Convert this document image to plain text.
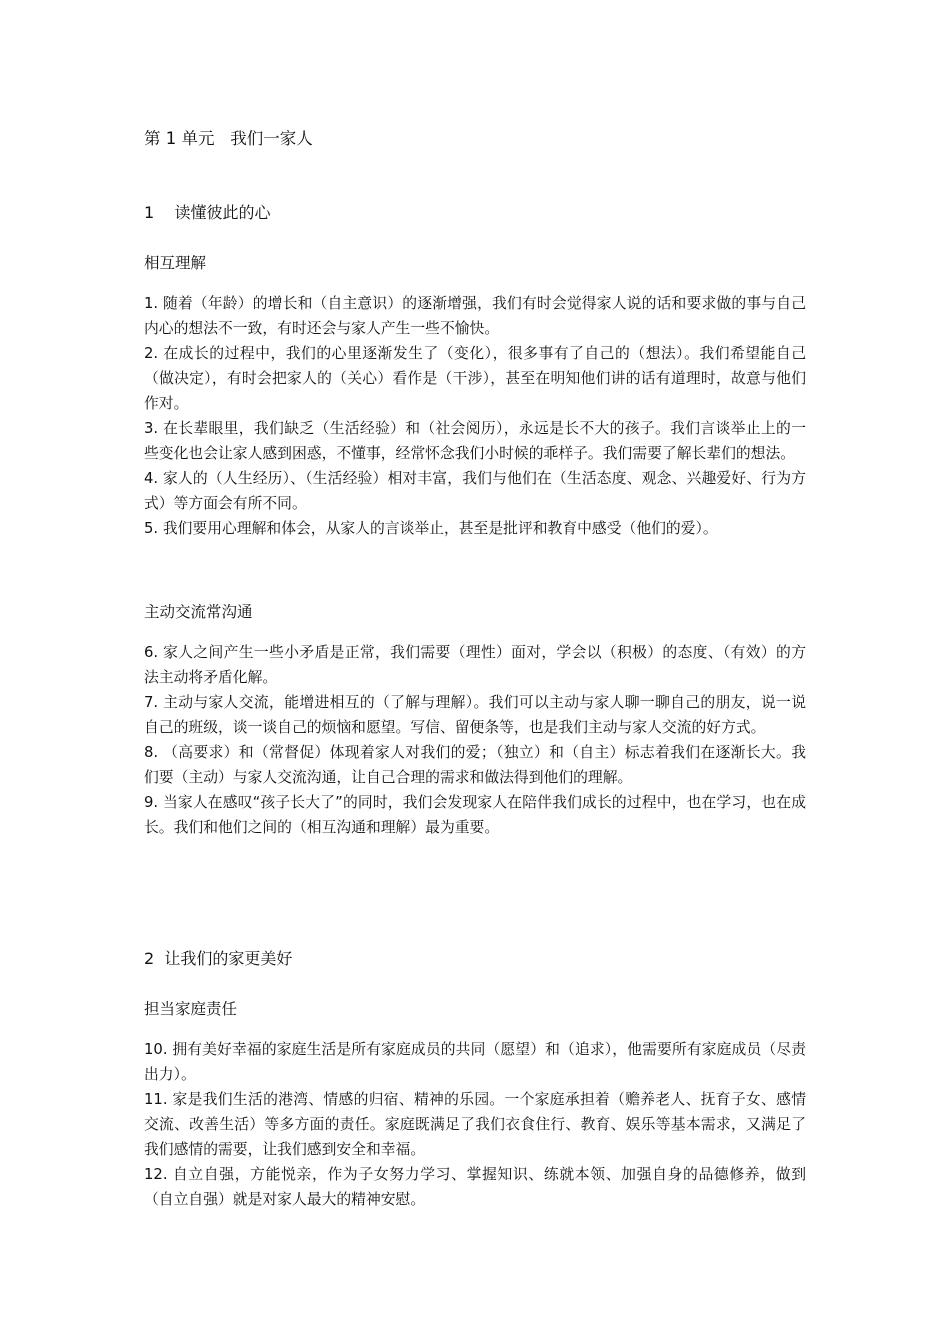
第 1 单元   我们一家人
1    读懂彼此的心
相互理解

1. 随着（年龄）的增长和（自主意识）的逐渐增强，我们有时会觉得家人说的话和要求做的事与自己内心的想法不一致，有时还会与家人产生一些不愉快。

2. 在成长的过程中，我们的心里逐渐发生了（变化），很多事有了自己的（想法）。我们希望能自己（做决定），有时会把家人的（关心）看作是（干涉），甚至在明知他们讲的话有道理时，故意与他们作对。

3. 在长辈眼里，我们缺乏（生活经验）和（社会阅历），永远是长不大的孩子。我们言谈举止上的一些变化也会让家人感到困惑，不懂事，经常怀念我们小时候的乖样子。我们需要了解长辈们的想法。

4. 家人的（人生经历）、（生活经验）相对丰富，我们与他们在（生活态度、观念、兴趣爱好、行为方式）等方面会有所不同。

5. 我们要用心理解和体会，从家人的言谈举止，甚至是批评和教育中感受（他们的爱）。

主动交流常沟通

6. 家人之间产生一些小矛盾是正常，我们需要（理性）面对，学会以（积极）的态度、（有效）的方法主动将矛盾化解。

7. 主动与家人交流，能增进相互的（了解与理解）。我们可以主动与家人聊一聊自己的朋友，说一说自己的班级，谈一谈自己的烦恼和愿望。写信、留便条等，也是我们主动与家人交流的好方式。

8. （高要求）和（常督促）体现着家人对我们的爱；（独立）和（自主）标志着我们在逐渐长大。我们要（主动）与家人交流沟通，让自己合理的需求和做法得到他们的理解。

9. 当家人在感叹“孩子长大了”的同时，我们会发现家人在陪伴我们成长的过程中，也在学习，也在成长。我们和他们之间的（相互沟通和理解）最为重要。

2  让我们的家更美好
担当家庭责任

10. 拥有美好幸福的家庭生活是所有家庭成员的共同（愿望）和（追求），他需要所有家庭成员（尽责出力）。

11. 家是我们生活的港湾、情感的归宿、精神的乐园。一个家庭承担着（赡养老人、抚育子女、感情交流、改善生活）等多方面的责任。家庭既满足了我们衣食住行、教育、娱乐等基本需求，又满足了我们感情的需要，让我们感到安全和幸福。

12. 自立自强，方能悦亲，作为子女努力学习、掌握知识、练就本领、加强自身的品德修养，做到（自立自强）就是对家人最大的精神安慰。
